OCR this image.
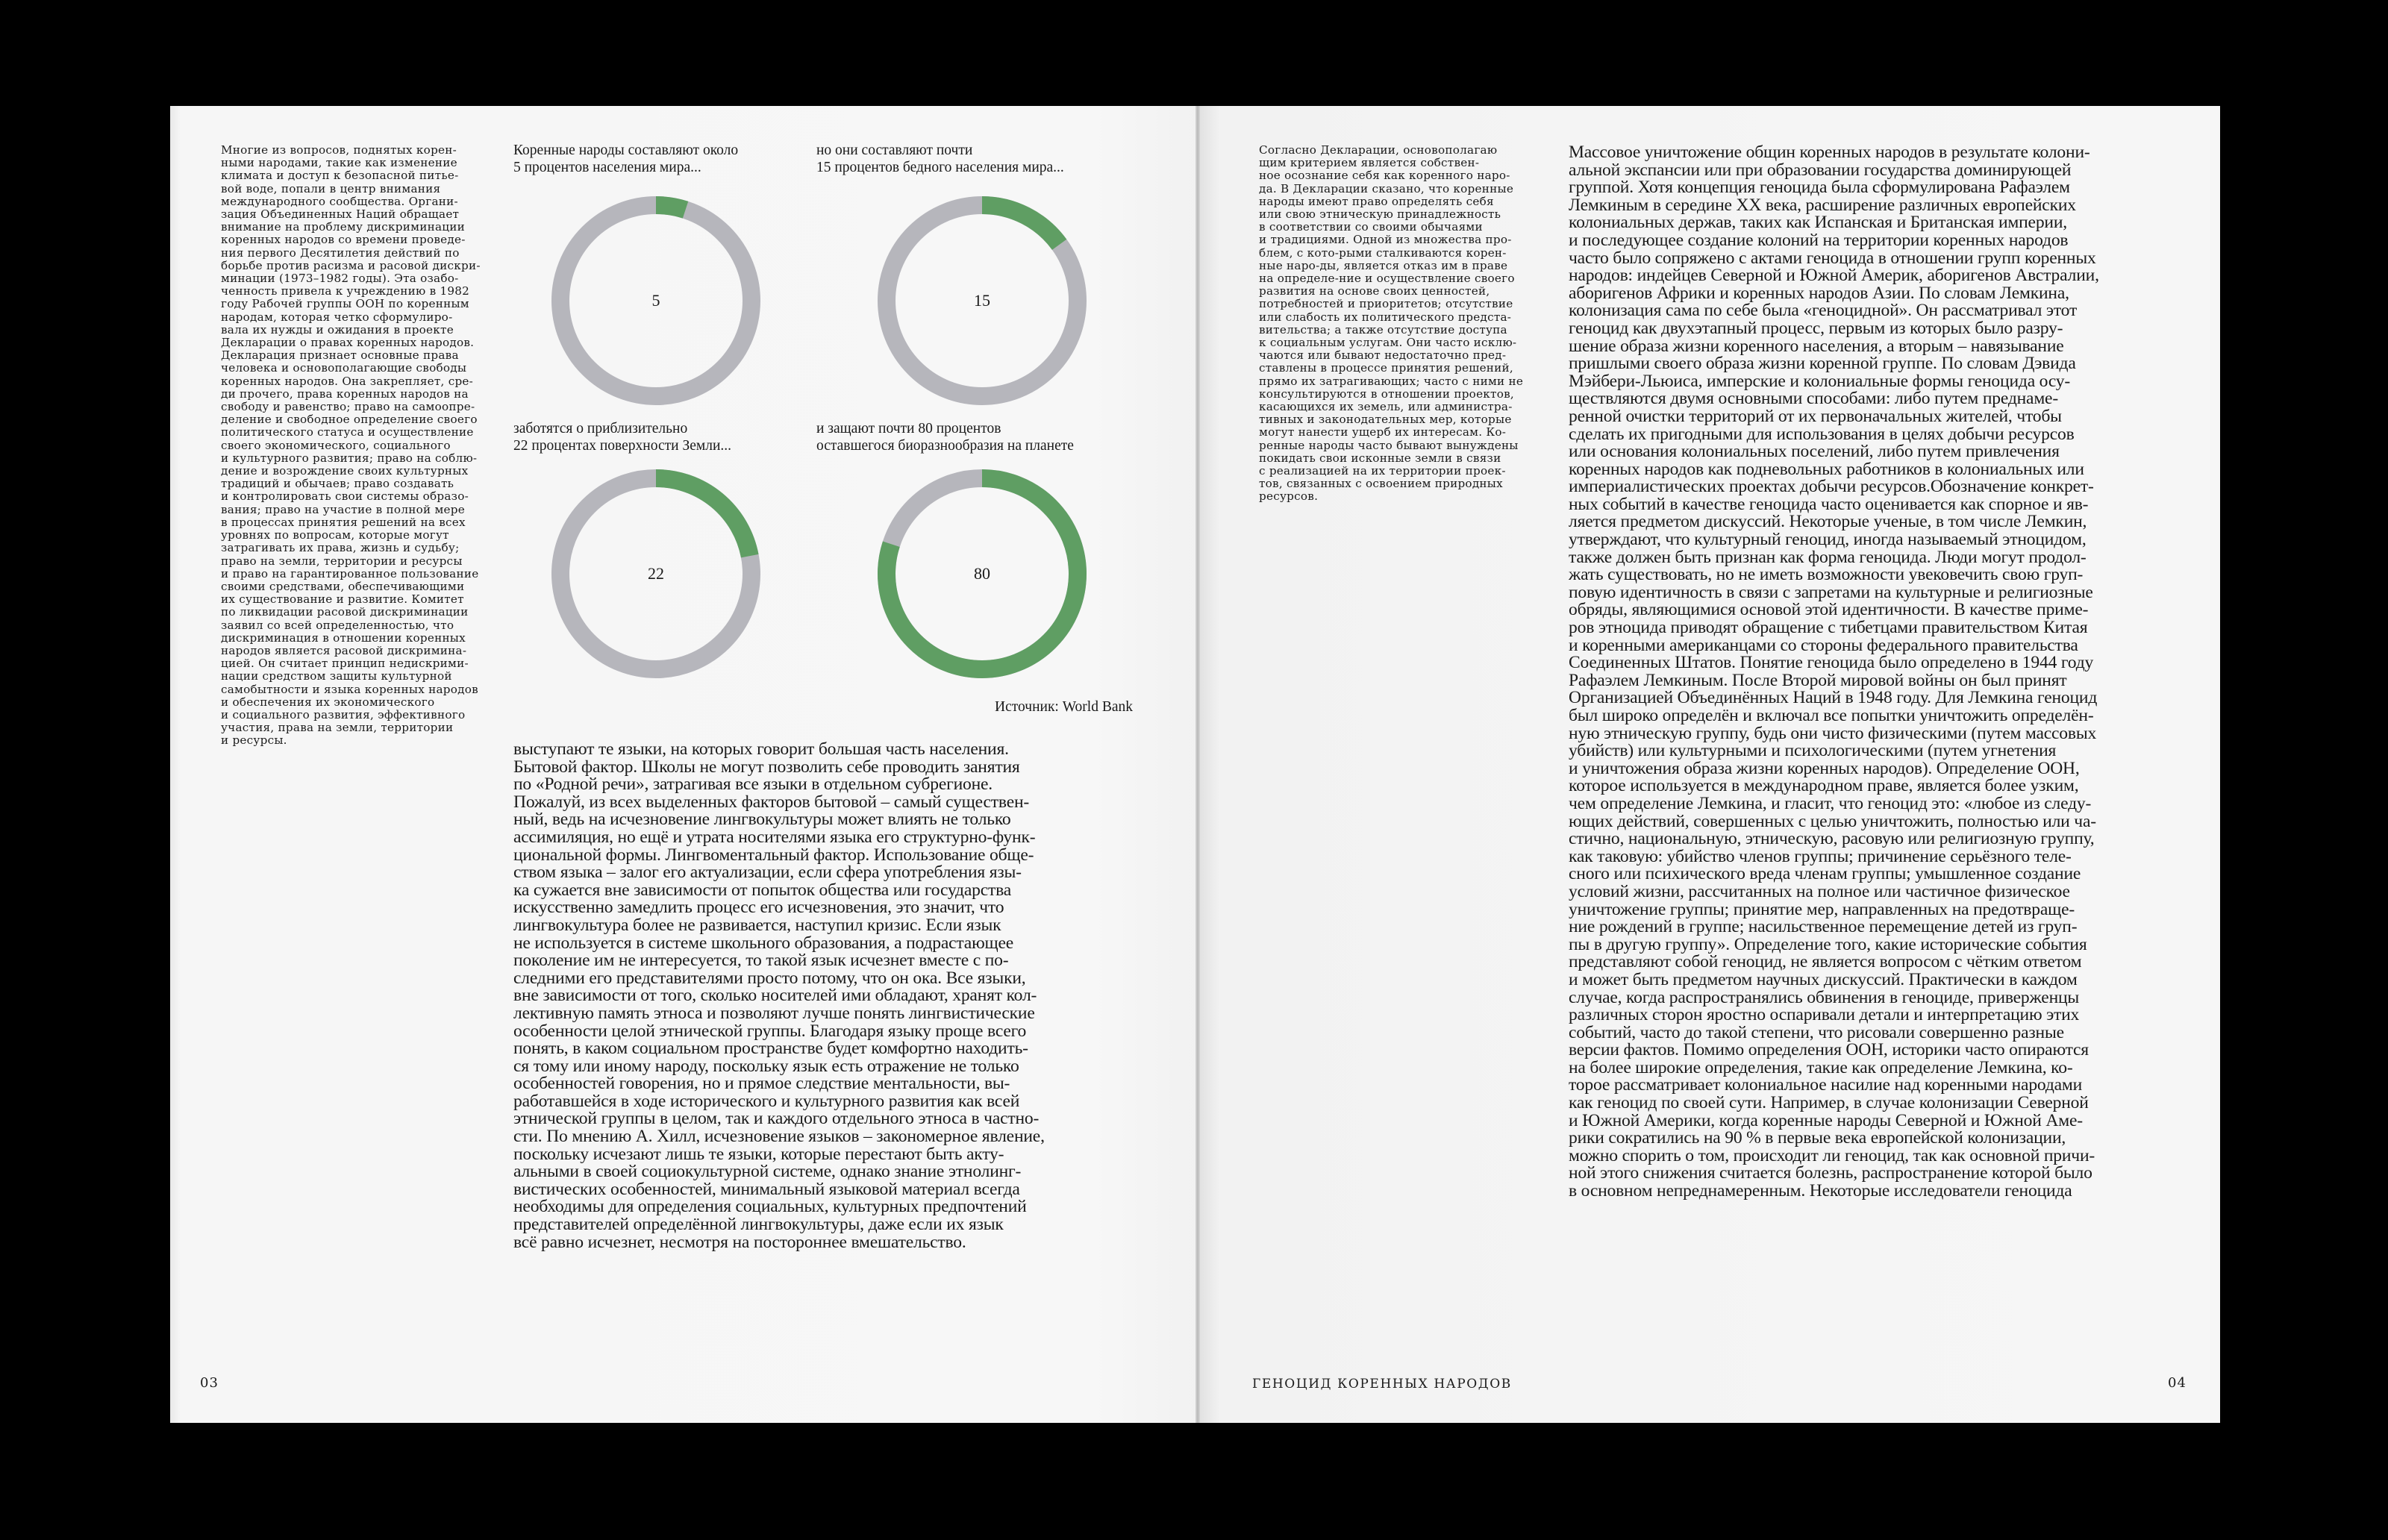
Многие из вопросов, поднятых корен-
ными народами, такие как изменение
климата и доступ к безопасной питье-
вой воде, попали в центр внимания
международного сообщества. Органи-
зация Объединенных Наций обращает
внимание на проблему дискриминации
коренных народов со времени проведе-
ния первого Десятилетия действий по
борьбе против расизма и расовой дискри-
минации (1973–1982 годы). Эта озабо-
ченность привела к учреждению в 1982
году Рабочей группы ООН по коренным
народам, которая четко сформулиро-
вала их нужды и ожидания в проекте
Декларации о правах коренных народов.
Декларация признает основные права
человека и основополагающие свободы
коренных народов. Она закрепляет, сре-
ди прочего, права коренных народов на
свободу и равенство; право на самоопре-
деление и свободное определение своего
политического статуса и осуществление
своего экономического, социального
и культурного развития; право на соблю-
дение и возрождение своих культурных
традиций и обычаев; право создавать
и контролировать свои системы образо-
вания; право на участие в полной мере
в процессах принятия решений на всех
уровнях по вопросам, которые могут
затрагивать их права, жизнь и судьбу;
право на земли, территории и ресурсы
и право на гарантированное пользование
своими средствами, обеспечивающими
их существование и развитие. Комитет
по ликвидации расовой дискриминации
заявил со всей определенностью, что
дискриминация в отношении коренных
народов является расовой дискримина-
цией. Он считает принцип недискрими-
нации средством защиты культурной
самобытности и языка коренных народов
и обеспечения их экономического
и социального развития, эффективного
участия, права на земли, территории
и ресурсы.
Коренные народы составляют около
5 процентов населения мира...
но они составляют почти
15 процентов бедного населения мира...
заботятся о приблизительно
22 процентах поверхности Земли...
и защают почти 80 процентов
оставшегося биоразнообразия на планете
5	15
22	80
Источник: World Bank
выступают те языки, на которых говорит большая часть населения.
Бытовой фактор. Школы не могут позволить себе проводить занятия
по «Родной речи», затрагивая все языки в отдельном субрегионе.
Пожалуй, из всех выделенных факторов бытовой – самый существен-
ный, ведь на исчезновение лингвокультуры может влиять не только
ассимиляция, но ещё и утрата носителями языка его структурно-функ-
циональной формы. Лингвоментальный фактор. Использование обще-
ством языка – залог его актуализации, если сфера употребления язы-
ка сужается вне зависимости от попыток общества или государства
искусственно замедлить процесс его исчезновения, это значит, что
лингвокультура более не развивается, наступил кризис. Если язык
не используется в системе школьного образования, а подрастающее
поколение им не интересуется, то такой язык исчезнет вместе с по-
следними его представителями просто потому, что он ока. Все языки,
вне зависимости от того, сколько носителей ими обладают, хранят кол-
лективную память этноса и позволяют лучше понять лингвистические
особенности целой этнической группы. Благодаря языку проще всего
понять, в каком социальном пространстве будет комфортно находить-
ся тому или иному народу, поскольку язык есть отражение не только
особенностей говорения, но и прямое следствие ментальности, вы-
работавшейся в ходе исторического и культурного развития как всей
этнической группы в целом, так и каждого отдельного этноса в частно-
сти. По мнению А. Хилл, исчезновение языков – закономерное явление,
поскольку исчезают лишь те языки, которые перестают быть акту-
альными в своей социокультурной системе, однако знание этнолинг-
вистических особенностей, минимальный языковой материал всегда
необходимы для определения социальных, культурных предпочтений
представителей определённой лингвокультуры, даже если их язык
всё равно исчезнет, несмотря на постороннее вмешательство.
03
Согласно Декларации, основополагаю
щим критерием является собствен-
ное осознание себя как коренного наро-
да. В Декларации сказано, что коренные
народы имеют право определять себя
или свою этническую принадлежность
в соответствии со своими обычаями
и традициями. Одной из множества про-
блем, с кото-рыми сталкиваются корен-
ные наро-ды, является отказ им в праве
на определе-ние и осуществление своего
развития на основе своих ценностей,
потребностей и приоритетов; отсутствие
или слабость их политического предста-
вительства; а также отсутствие доступа
к социальным услугам. Они часто исклю-
чаются или бывают недостаточно пред-
ставлены в процессе принятия решений,
прямо их затрагивающих; часто с ними не
консультируются в отношении проектов,
касающихся их земель, или администра-
тивных и законодательных мер, которые
могут нанести ущерб их интересам. Ко-
ренные народы часто бывают вынуждены
покидать свои исконные земли в связи
с реализацией на их территории проек-
тов, связанных с освоением природных
ресурсов.
Массовое уничтожение общин коренных народов в результате колони-
альной экспансии или при образовании государства доминирующей
группой. Хотя концепция геноцида была сформулирована Рафаэлем
Лемкиным в середине XX века, расширение различных европейских
колониальных держав, таких как Испанская и Британская империи,
и последующее создание колоний на территории коренных народов
часто было сопряжено с актами геноцида в отношении групп коренных
народов: индейцев Северной и Южной Америк, аборигенов Австралии,
аборигенов Африки и коренных народов Азии. По словам Лемкина,
колонизация сама по себе была «геноцидной». Он рассматривал этот
геноцид как двухэтапный процесс, первым из которых было разру-
шение образа жизни коренного населения, а вторым – навязывание
пришлыми своего образа жизни коренной группе. По словам Дэвида
Мэйбери-Льюиса, имперские и колониальные формы геноцида осу-
ществляются двумя основными способами: либо путем преднаме-
ренной очистки территорий от их первоначальных жителей, чтобы
сделать их пригодными для использования в целях добычи ресурсов
или основания колониальных поселений, либо путем привлечения
коренных народов как подневольных работников в колониальных или
империалистических проектах добычи ресурсов.Обозначение конкрет-
ных событий в качестве геноцида часто оценивается как спорное и яв-
ляется предметом дискуссий. Некоторые ученые, в том числе Лемкин,
утверждают, что культурный геноцид, иногда называемый этноцидом,
также должен быть признан как форма геноцида. Люди могут продол-
жать существовать, но не иметь возможности увековечить свою груп-
повую идентичность в связи с запретами на культурные и религиозные
обряды, являющимися основой этой идентичности. В качестве приме-
ров этноцида приводят обращение с тибетцами правительством Китая
и коренными американцами со стороны федерального правительства
Соединенных Штатов. Понятие геноцида было определено в 1944 году
Рафаэлем Лемкиным. После Второй мировой войны он был принят
Организацией Объединённых Наций в 1948 году. Для Лемкина геноцид
был широко определён и включал все попытки уничтожить определён-
ную этническую группу, будь они чисто физическими (путем массовых
убийств) или культурными и психологическими (путем угнетения
и уничтожения образа жизни коренных народов). Определение ООН,
которое используется в международном праве, является более узким,
чем определение Лемкина, и гласит, что геноцид это: «любое из следу-
ющих действий, совершенных с целью уничтожить, полностью или ча-
стично, национальную, этническую, расовую или религиозную группу,
как таковую: убийство членов группы; причинение серьёзного теле-
сного или психического вреда членам группы; умышленное создание
условий жизни, рассчитанных на полное или частичное физическое
уничтожение группы; принятие мер, направленных на предотвраще-
ние рождений в группе; насильственное перемещение детей из груп-
пы в другую группу». Определение того, какие исторические события
представляют собой геноцид, не является вопросом с чётким ответом
и может быть предметом научных дискуссий. Практически в каждом
случае, когда распространялись обвинения в геноциде, приверженцы
различных сторон яростно оспаривали детали и интерпретацию этих
событий, часто до такой степени, что рисовали совершенно разные
версии фактов. Помимо определения ООН, историки часто опираются
на более широкие определения, такие как определение Лемкина, ко-
торое рассматривает колониальное насилие над коренными народами
как геноцид по своей сути. Например, в случае колонизации Северной
и Южной Америки, когда коренные народы Северной и Южной Аме-
рики сократились на 90 % в первые века европейской колонизации,
можно спорить о том, происходит ли геноцид, так как основной причи-
ной этого снижения считается болезнь, распространение которой было
в основном непреднамеренным. Некоторые исследователи геноцида
ГЕНОЦИД КОРЕННЫХ НАРОДОВ	04
